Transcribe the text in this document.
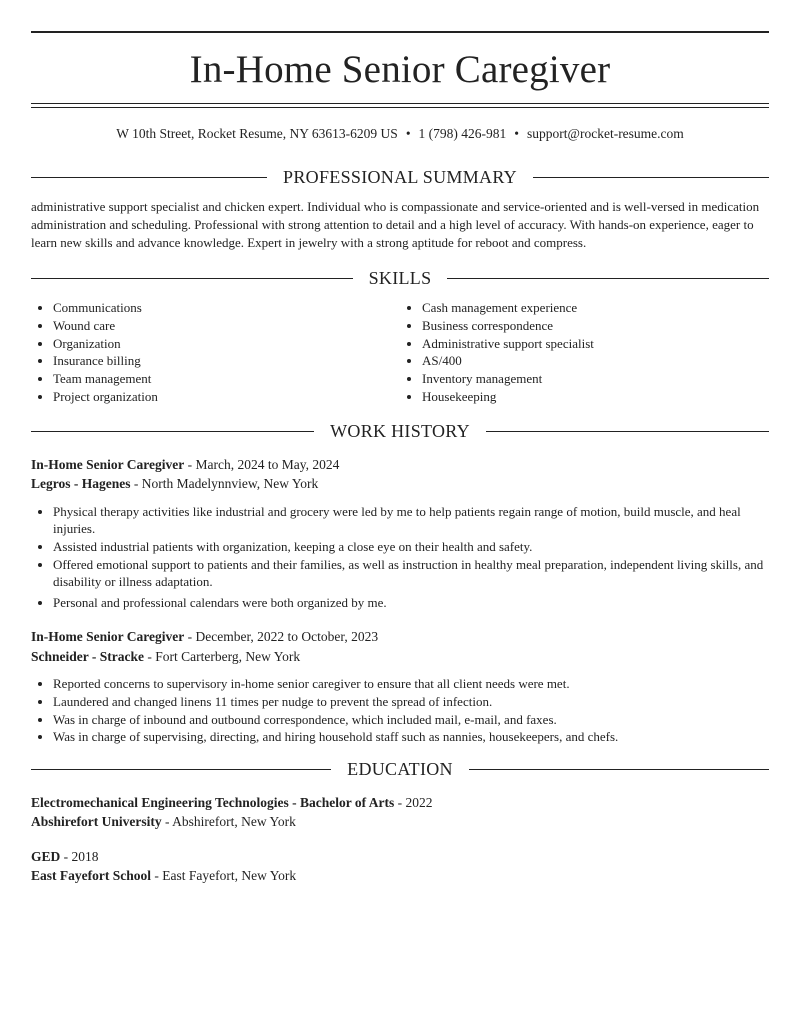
In-Home Senior Caregiver
W 10th Street, Rocket Resume, NY 63613-6209 US • 1 (798) 426-981 • support@rocket-resume.com
PROFESSIONAL SUMMARY

administrative support specialist and chicken expert. Individual who is compassionate and service-oriented and is well-versed in medication administration and scheduling. Professional with strong attention to detail and a high level of accuracy. With hands-on experience, eager to learn new skills and advance knowledge. Expert in jewelry with a strong aptitude for reboot and compress.

SKILLS
• Communications
• Wound care
• Organization
• Insurance billing
• Team management
• Project organization
• Cash management experience
• Business correspondence
• Administrative support specialist
• AS/400
• Inventory management
• Housekeeping
WORK HISTORY
In-Home Senior Caregiver - March, 2024 to May, 2024
Legros - Hagenes - North Madelynnview, New York
• Physical therapy activities like industrial and grocery were led by me to help patients regain range of motion, build muscle, and heal injuries.
• Assisted industrial patients with organization, keeping a close eye on their health and safety.
• Offered emotional support to patients and their families, as well as instruction in healthy meal preparation, independent living skills, and disability or illness adaptation.
• Personal and professional calendars were both organized by me.
In-Home Senior Caregiver - December, 2022 to October, 2023
Schneider - Stracke - Fort Carterberg, New York
• Reported concerns to supervisory in-home senior caregiver to ensure that all client needs were met.
• Laundered and changed linens 11 times per nudge to prevent the spread of infection.
• Was in charge of inbound and outbound correspondence, which included mail, e-mail, and faxes.
• Was in charge of supervising, directing, and hiring household staff such as nannies, housekeepers, and chefs.
EDUCATION
Electromechanical Engineering Technologies - Bachelor of Arts - 2022
Abshirefort University - Abshirefort, New York
GED - 2018
East Fayefort School - East Fayefort, New York
